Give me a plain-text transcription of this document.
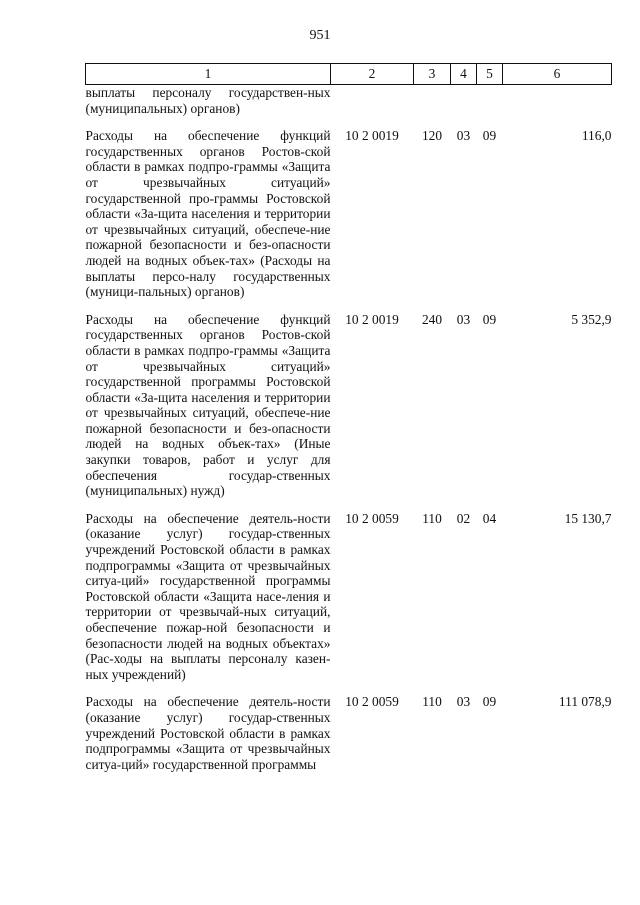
951
1	2	3	4	5	6
выплаты персоналу государствен-ных (муниципальных) органов)					
Расходы на обеспечение функций государственных органов Ростов-ской области в рамках подпро-граммы «Защита от чрезвычайных ситуаций» государственной про-граммы Ростовской области «За-щита населения и территории от чрезвычайных ситуаций, обеспече-ние пожарной безопасности и без-опасности людей на водных объек-тах» (Расходы на выплаты персо-налу государственных (муници-пальных) органов)	10 2 0019	120	03	09	116,0
Расходы на обеспечение функций государственных органов Ростов-ской области в рамках подпро-граммы «Защита от чрезвычайных ситуаций» государственной программы Ростовской области «За-щита населения и территории от чрезвычайных ситуаций, обеспече-ние пожарной безопасности и без-опасности людей на водных объек-тах» (Иные закупки товаров, работ и услуг для обеспечения государ-ственных (муниципальных) нужд)	10 2 0019	240	03	09	5 352,9
Расходы на обеспечение деятель-ности (оказание услуг) государ-ственных учреждений Ростовской области в рамках подпрограммы «Защита от чрезвычайных ситуа-ций» государственной программы Ростовской области «Защита насе-ления и территории от чрезвычай-ных ситуаций, обеспечение пожар-ной безопасности и безопасности людей на водных объектах» (Рас-ходы на выплаты персоналу казен-ных учреждений)	10 2 0059	110	02	04	15 130,7
Расходы на обеспечение деятель-ности (оказание услуг) государ-ственных учреждений Ростовской области в рамках подпрограммы «Защита от чрезвычайных ситуа-ций» государственной программы	10 2 0059	110	03	09	111 078,9
